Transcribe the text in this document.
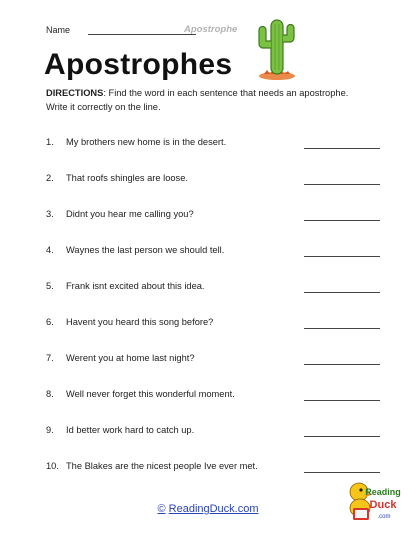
Name	Apostrophe
Apostrophes
DIRECTIONS: Find the word in each sentence that needs an apostrophe. Write it correctly on the line.
1.	My brothers new home is in the desert.
2.	That roofs shingles are loose.
3.	Didnt you hear me calling you?
4.	Waynes the last person we should tell.
5.	Frank isnt excited about this idea.
6.	Havent you heard this song before?
7.	Werent you at home last night?
8.	Well never forget this wonderful moment.
9.	Id better work hard to catch up.
10. The Blakes are the nicest people Ive ever met.
© ReadingDuck.com
Reading
Duck
.com
